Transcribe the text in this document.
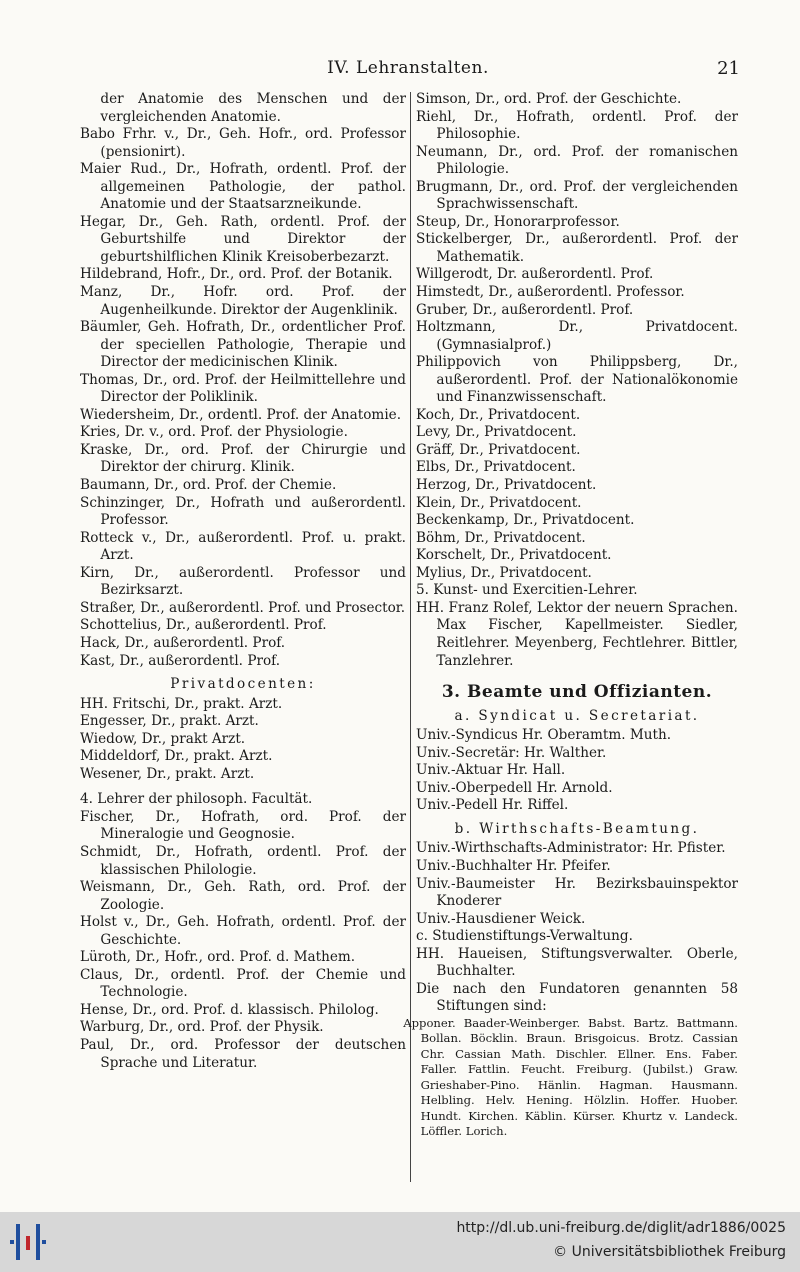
IV. Lehranstalten.	21
der Anatomie des Menschen und der vergleichenden Anatomie.
Babo Frhr. v., Dr., Geh. Hofr., ord. Professor (pensionirt).
Maier Rud., Dr., Hofrath, ordentl. Prof. der allgemeinen Pathologie, der pathol. Anatomie und der Staatsarzneikunde.
Hegar, Dr., Geh. Rath, ordentl. Prof. der Geburtshilfe und Direktor der geburtshilflichen Klinik Kreisoberbezarzt.
Hildebrand, Hofr., Dr., ord. Prof. der Botanik.
Manz, Dr., Hofr. ord. Prof. der Augenheilkunde. Direktor der Augenklinik.
Bäumler, Geh. Hofrath, Dr., ordentlicher Prof. der speciellen Pathologie, Therapie und Director der medicinischen Klinik.
Thomas, Dr., ord. Prof. der Heilmittellehre und Director der Poliklinik.
Wiedersheim, Dr., ordentl. Prof. der Anatomie.
Kries, Dr. v., ord. Prof. der Physiologie.
Kraske, Dr., ord. Prof. der Chirurgie und Direktor der chirurg. Klinik.
Baumann, Dr., ord. Prof. der Chemie.
Schinzinger, Dr., Hofrath und außerordentl. Professor.
Rotteck v., Dr., außerordentl. Prof. u. prakt. Arzt.
Kirn, Dr., außerordentl. Professor und Bezirksarzt.
Straßer, Dr., außerordentl. Prof. und Prosector.
Schottelius, Dr., außerordentl. Prof.
Hack, Dr., außerordentl. Prof.
Kast, Dr., außerordentl. Prof.
Privatdocenten:
HH. Fritschi, Dr., prakt. Arzt.
Engesser, Dr., prakt. Arzt.
Wiedow, Dr., prakt Arzt.
Middeldorf, Dr., prakt. Arzt.
Wesener, Dr., prakt. Arzt.
4. Lehrer der philosoph. Facultät.
Fischer, Dr., Hofrath, ord. Prof. der Mineralogie und Geognosie.
Schmidt, Dr., Hofrath, ordentl. Prof. der klassischen Philologie.
Weismann, Dr., Geh. Rath, ord. Prof. der Zoologie.
Holst v., Dr., Geh. Hofrath, ordentl. Prof. der Geschichte.
Lüroth, Dr., Hofr., ord. Prof. d. Mathem.
Claus, Dr., ordentl. Prof. der Chemie und Technologie.
Hense, Dr., ord. Prof. d. klassisch. Philolog.
Warburg, Dr., ord. Prof. der Physik.
Paul, Dr., ord. Professor der deutschen Sprache und Literatur.
Simson, Dr., ord. Prof. der Geschichte.
Riehl, Dr., Hofrath, ordentl. Prof. der Philosophie.
Neumann, Dr., ord. Prof. der romanischen Philologie.
Brugmann, Dr., ord. Prof. der vergleichenden Sprachwissenschaft.
Steup, Dr., Honorarprofessor.
Stickelberger, Dr., außerordentl. Prof. der Mathematik.
Willgerodt, Dr. außerordentl. Prof.
Himstedt, Dr., außerordentl. Professor.
Gruber, Dr., außerordentl. Prof.
Holtzmann, Dr., Privatdocent. (Gymnasialprof.)
Philippovich von Philippsberg, Dr., außerordentl. Prof. der Nationalökonomie und Finanzwissenschaft.
Koch, Dr., Privatdocent.
Levy, Dr., Privatdocent.
Gräff, Dr., Privatdocent.
Elbs, Dr., Privatdocent.
Herzog, Dr., Privatdocent.
Klein, Dr., Privatdocent.
Beckenkamp, Dr., Privatdocent.
Böhm, Dr., Privatdocent.
Korschelt, Dr., Privatdocent.
Mylius, Dr., Privatdocent.
5. Kunst- und Exercitien-Lehrer.
HH. Franz Rolef, Lektor der neuern Sprachen. Max Fischer, Kapellmeister. Siedler, Reitlehrer. Meyenberg, Fechtlehrer. Bittler, Tanzlehrer.
3. Beamte und Offizianten.
a. Syndicat u. Secretariat.
Univ.-Syndicus Hr. Oberamtm. Muth.
Univ.-Secretär: Hr. Walther.
Univ.-Aktuar Hr. Hall.
Univ.-Oberpedell Hr. Arnold.
Univ.-Pedell Hr. Riffel.
b. Wirthschafts-Beamtung.
Univ.-Wirthschafts-Administrator: Hr. Pfister.
Univ.-Buchhalter Hr. Pfeifer.
Univ.-Baumeister Hr. Bezirksbauinspektor Knoderer
Univ.-Hausdiener Weick.
c. Studienstiftungs-Verwaltung.
HH. Haueisen, Stiftungsverwalter. Oberle, Buchhalter.
Die nach den Fundatoren genannten 58 Stiftungen sind:
Apponer. Baader-Weinberger. Babst. Bartz. Battmann. Bollan. Böcklin. Braun. Brisgoicus. Brotz. Cassian Chr. Cassian Math. Dischler. Ellner. Ens. Faber. Faller. Fattlin. Feucht. Freiburg. (Jubilst.) Graw. Grieshaber-Pino. Hänlin. Hagman. Hausmann. Helbling. Helv. Hening. Hölzlin. Hoffer. Huober. Hundt. Kirchen. Käblin. Kürser. Khurtz v. Landeck. Löffler. Lorich.
http://dl.ub.uni-freiburg.de/diglit/adr1886/0025
© Universitätsbibliothek Freiburg
